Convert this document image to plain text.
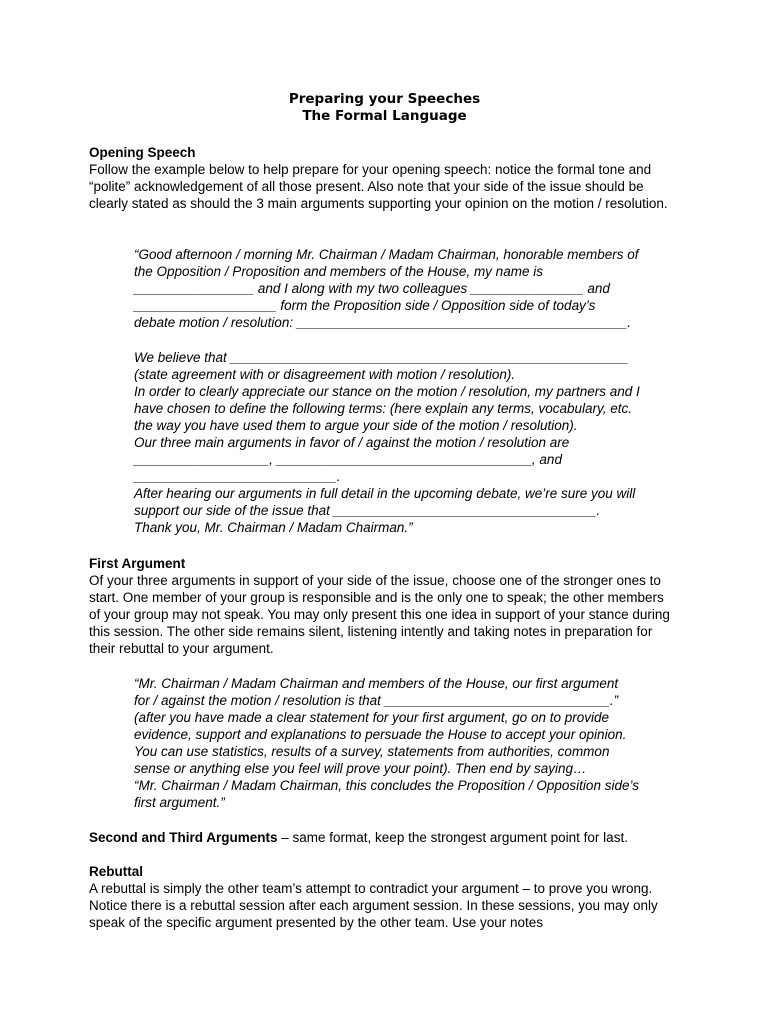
Preparing your Speeches

The Formal Language

Opening Speech

Follow the example below to help prepare for your opening speech: notice the formal tone and “polite” acknowledgement of all those present. Also note that your side of the issue should be clearly stated as should the 3 main arguments supporting your opinion on the motion / resolution.

“Good afternoon / morning Mr. Chairman / Madam Chairman, honorable members of

the Opposition / Proposition and members of the House, my name is

________________ and I along with my two colleagues _______________ and

___________________ form the Proposition side / Opposition side of today’s

debate motion / resolution: ____________________________________________.

We believe that _____________________________________________________

(state agreement with or disagreement with motion / resolution).

In order to clearly appreciate our stance on the motion / resolution, my partners and I

have chosen to define the following terms: (here explain any terms, vocabulary, etc.

the way you have used them to argue your side of the motion / resolution).

Our three main arguments in favor of / against the motion / resolution are

__________________, __________________________________, and

___________________________.

After hearing our arguments in full detail in the upcoming debate, we’re sure you will

support our side of the issue that ___________________________________.

Thank you, Mr. Chairman / Madam Chairman.”

First Argument

Of your three arguments in support of your side of the issue, choose one of the stronger ones to start. One member of your group is responsible and is the only one to speak; the other members of your group may not speak. You may only present this one idea in support of your stance during this session. The other side remains silent, listening intently and taking notes in preparation for their rebuttal to your argument.

“Mr. Chairman / Madam Chairman and members of the House, our first argument

for / against the motion / resolution is that ______________________________.”

(after you have made a clear statement for your first argument, go on to provide

evidence, support and explanations to persuade the House to accept your opinion.

You can use statistics, results of a survey, statements from authorities, common

sense or anything else you feel will prove your point). Then end by saying…

“Mr. Chairman / Madam Chairman, this concludes the Proposition / Opposition side’s

first argument.”

Second and Third Arguments – same format, keep the strongest argument point for last.

Rebuttal

A rebuttal is simply the other team’s attempt to contradict your argument – to prove you wrong. Notice there is a rebuttal session after each argument session. In these sessions, you may only speak of the specific argument presented by the other team. Use your notes
